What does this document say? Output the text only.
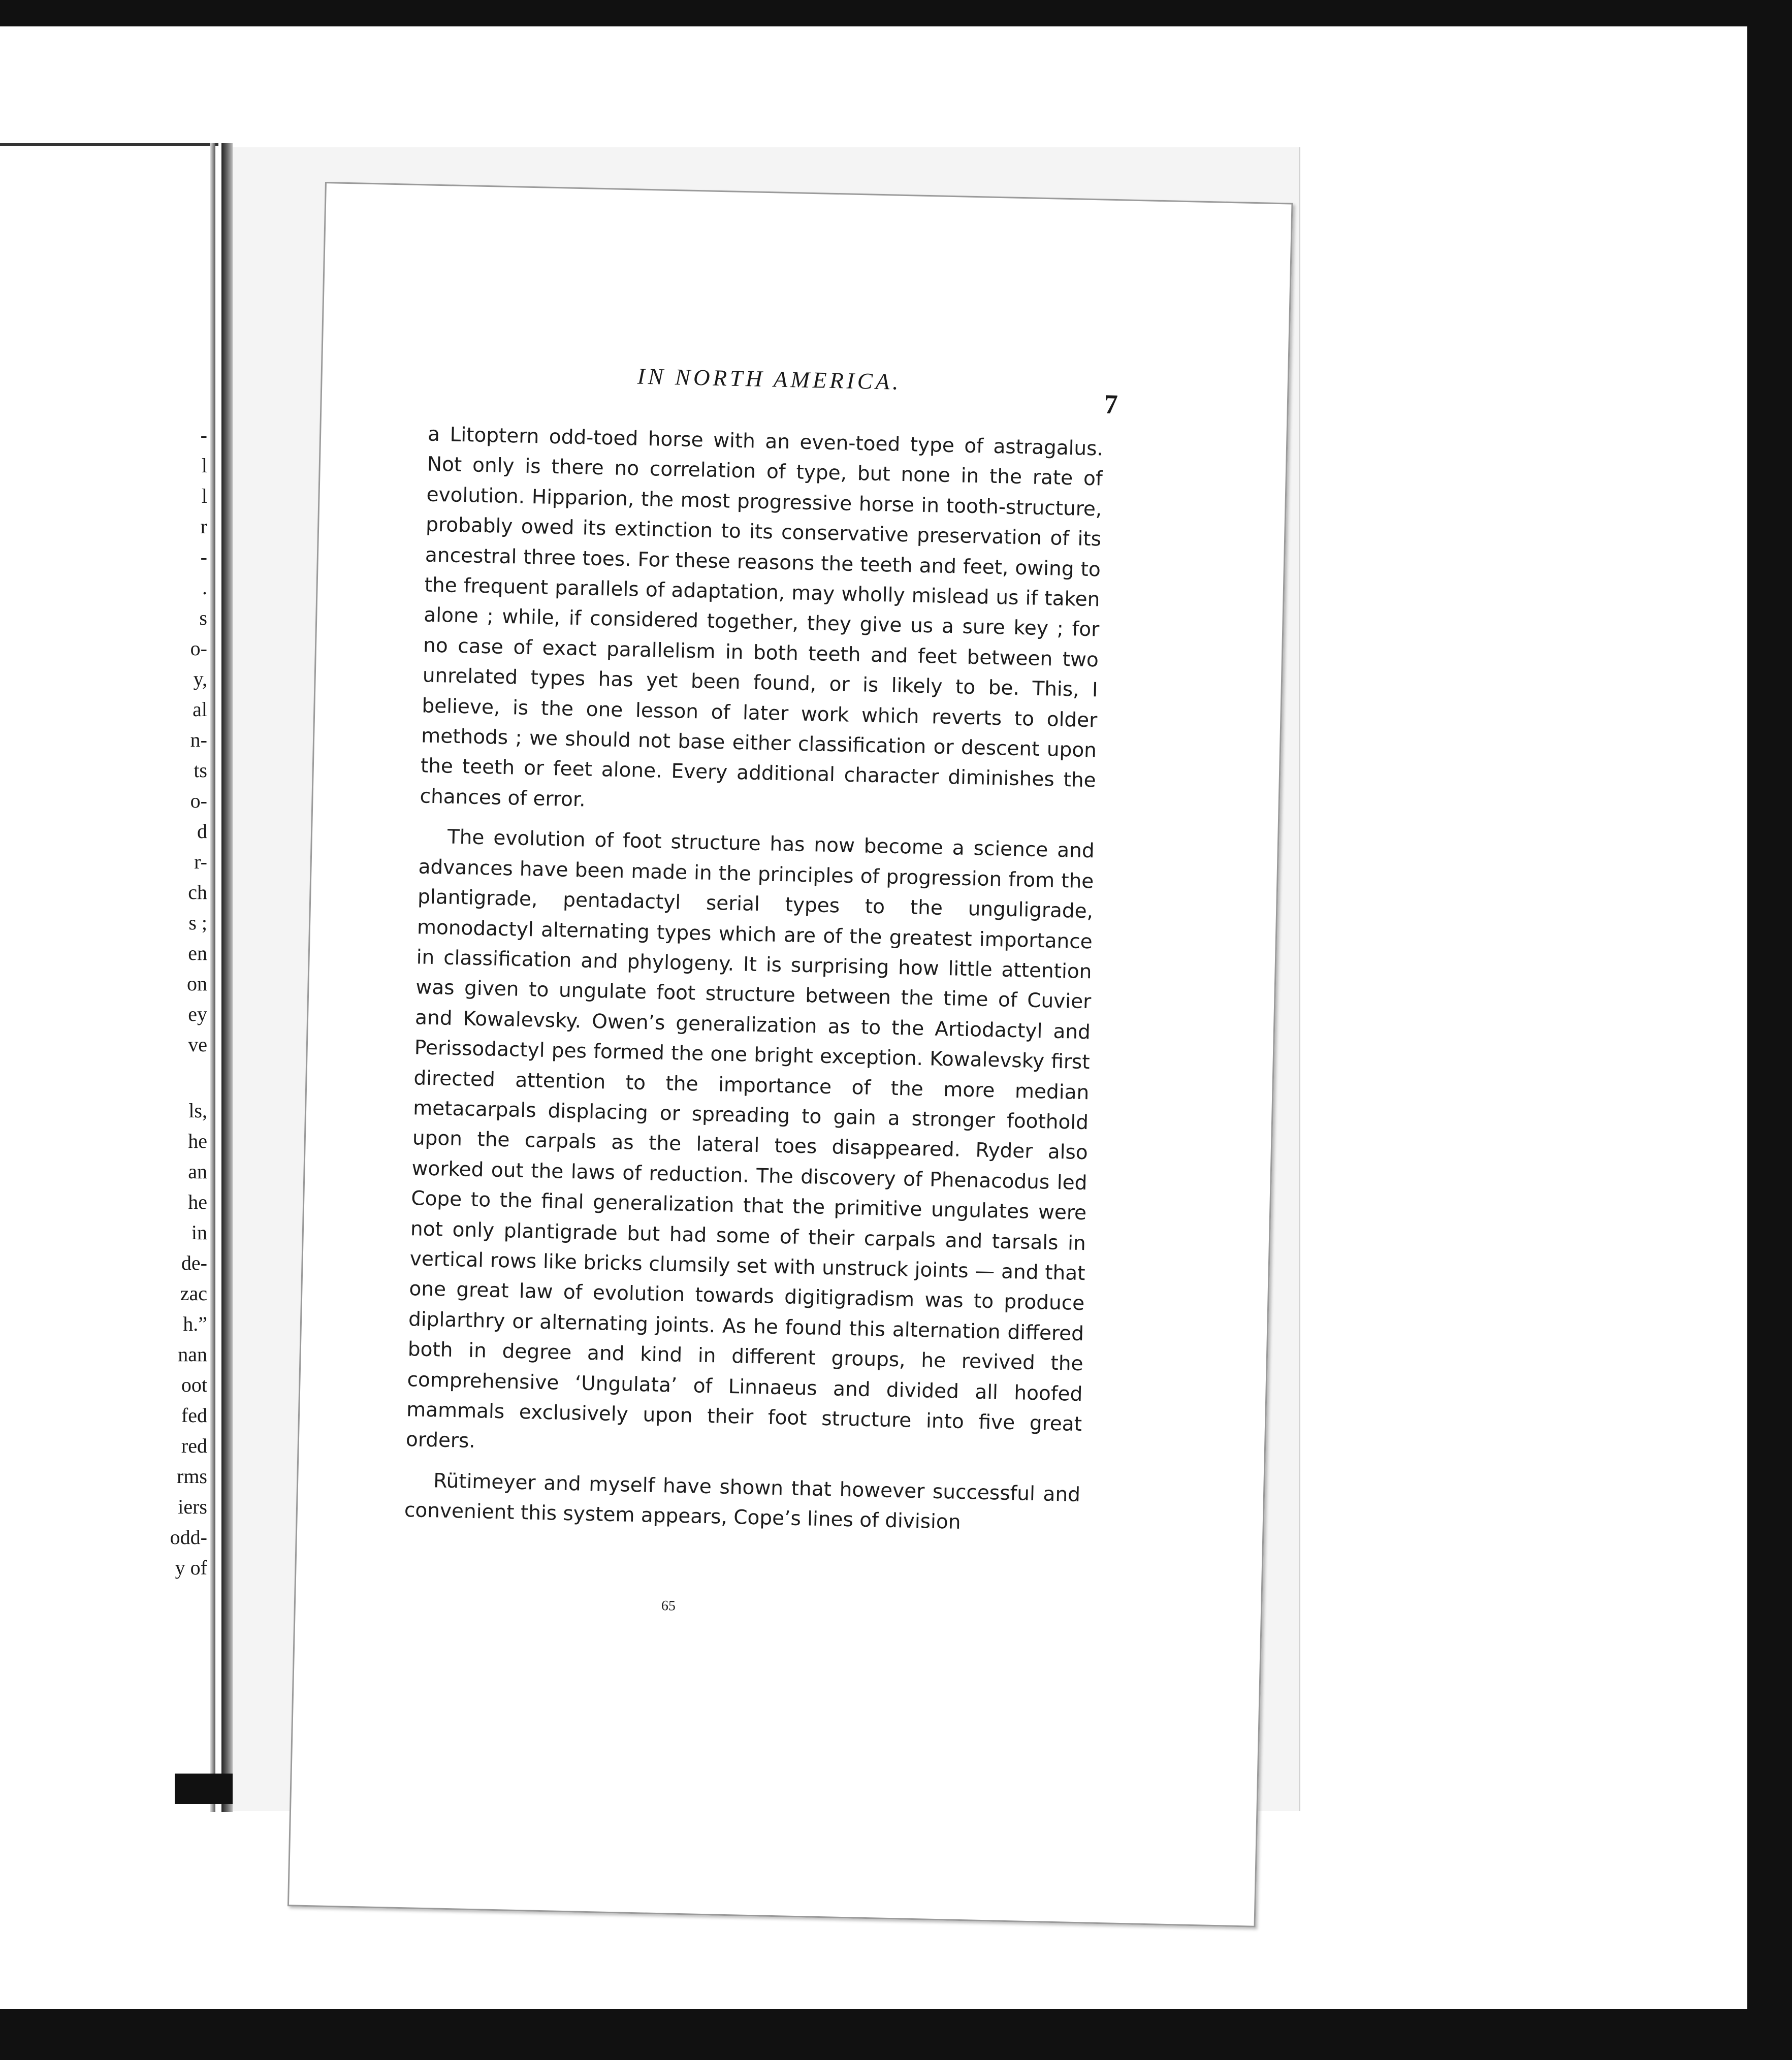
-
l
l
r
-
.
s
o-
y,
al
n-
ts
o-
d
r-
ch
s ;
en
on
ey
ve
ls,
he
an
he
in
de-
zac
h.”
nan
oot
fed
red
rms
iers
odd-
y of
IN NORTH AMERICA.
7

a Litoptern odd-toed horse with an even-toed type of astragalus. Not only is there no correlation of type, but none in the rate of evolution. Hipparion, the most progressive horse in tooth-structure, probably owed its extinction to its conservative preservation of its ancestral three toes. For these reasons the teeth and feet, owing to the frequent parallels of adaptation, may wholly mislead us if taken alone ; while, if considered together, they give us a sure key ; for no case of exact parallelism in both teeth and feet between two unrelated types has yet been found, or is likely to be. This, I believe, is the one lesson of later work which reverts to older methods ; we should not base either classification or descent upon the teeth or feet alone. Every additional character diminishes the chances of error.

The evolution of foot structure has now become a science and advances have been made in the principles of progression from the plantigrade, pentadactyl serial types to the unguligrade, monodactyl alternating types which are of the greatest importance in classification and phylogeny. It is surprising how little attention was given to ungulate foot structure between the time of Cuvier and Kowalevsky. Owen’s generalization as to the Artiodactyl and Perissodactyl pes formed the one bright exception. Kowalevsky first directed attention to the importance of the more median metacarpals displacing or spreading to gain a stronger foothold upon the carpals as the lateral toes disappeared. Ryder also worked out the laws of reduction. The discovery of Phenacodus led Cope to the final generalization that the primitive ungulates were not only plantigrade but had some of their carpals and tarsals in vertical rows like bricks clumsily set with unstruck joints — and that one great law of evolution towards digitigradism was to produce diplarthry or alternating joints. As he found this alternation differed both in degree and kind in different groups, he revived the comprehensive ‘Ungulata’ of Linnaeus and divided all hoofed mammals exclusively upon their foot structure into five great orders.

Rütimeyer and myself have shown that however successful and convenient this system appears, Cope’s lines of division

65
